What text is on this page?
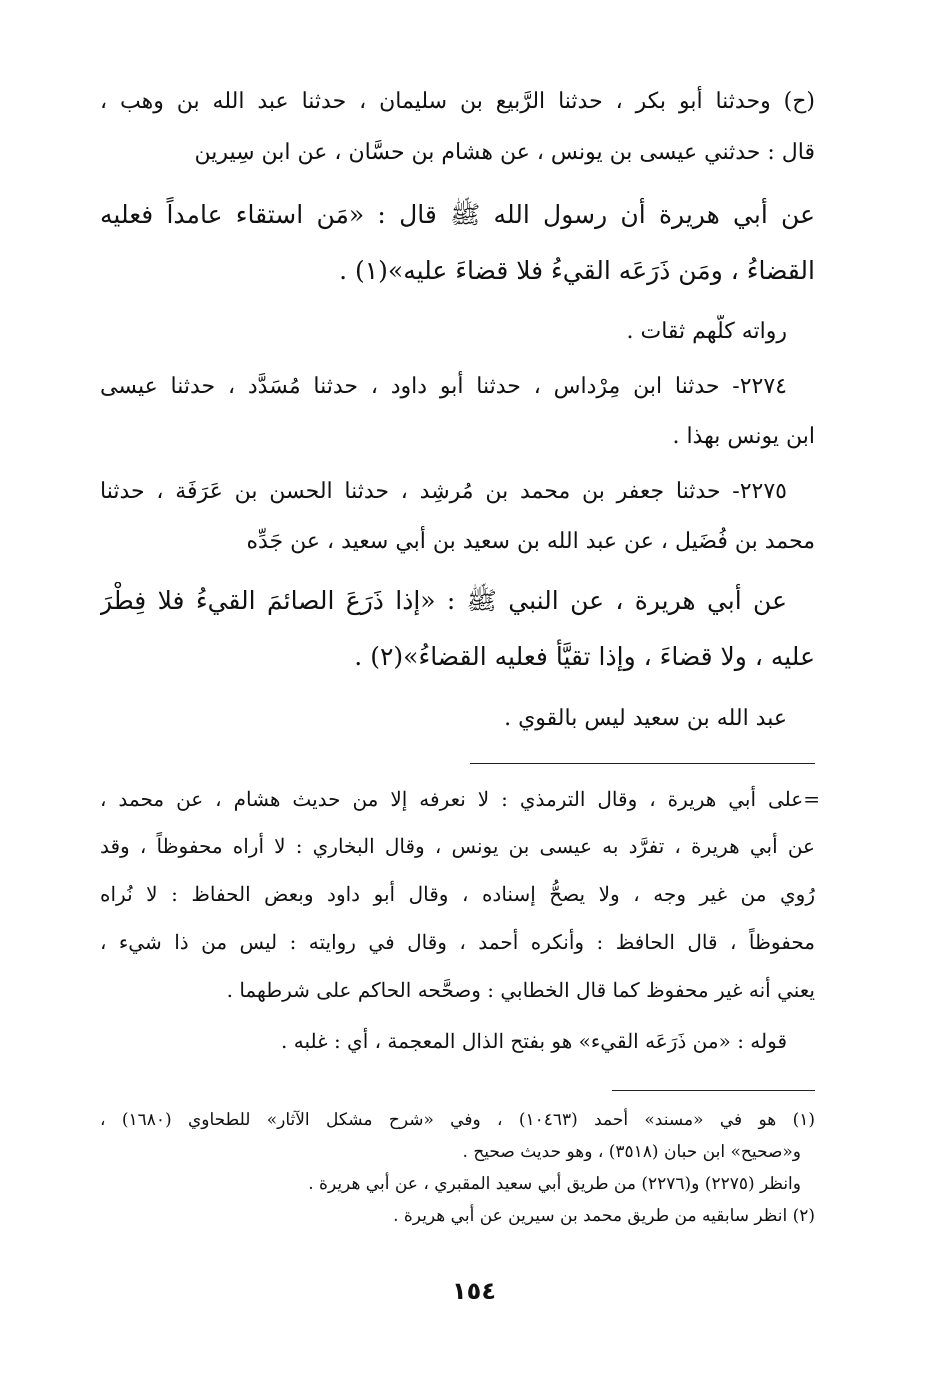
(ح) وحدثنا أبو بكر ، حدثنا الرَّبيع بن سليمان ، حدثنا عبد الله بن وهب ،
قال : حدثني عيسى بن يونس ، عن هشام بن حسَّان ، عن ابن سِيرين
عن أبي هريرة أن رسول الله ﷺ قال : «مَن استقاء عامداً فعليه
القضاءُ ، ومَن ذَرَعَه القيءُ فلا قضاءَ عليه»(١) .
رواته كلُّهم ثقات .
٢٢٧٤- حدثنا ابن مِرْداس ، حدثنا أبو داود ، حدثنا مُسَدَّد ، حدثنا عيسى
ابن يونس بهذا .
٢٢٧٥- حدثنا جعفر بن محمد بن مُرشِد ، حدثنا الحسن بن عَرَفَة ، حدثنا
محمد بن فُضَيل ، عن عبد الله بن سعيد بن أبي سعيد ، عن جَدِّه
عن أبي هريرة ، عن النبي ﷺ : «إذا ذَرَعَ الصائمَ القيءُ فلا فِطْرَ
عليه ، ولا قضاءَ ، وإذا تقيَّأ فعليه القضاءُ»(٢) .
عبد الله بن سعيد ليس بالقوي .
=على أبي هريرة ، وقال الترمذي : لا نعرفه إلا من حديث هشام ، عن محمد ،
عن أبي هريرة ، تفرَّد به عيسى بن يونس ، وقال البخاري : لا أراه محفوظاً ، وقد
رُوي من غير وجه ، ولا يصحُّ إسناده ، وقال أبو داود وبعض الحفاظ : لا نُراه
محفوظاً ، قال الحافظ : وأنكره أحمد ، وقال في روايته : ليس من ذا شيء ،
يعني أنه غير محفوظ كما قال الخطابي : وصحَّحه الحاكم على شرطهما .
قوله : «من ذَرَعَه القيء» هو بفتح الذال المعجمة ، أي : غلبه .
(١) هو في «مسند» أحمد (١٠٤٦٣) ، وفي «شرح مشكل الآثار» للطحاوي (١٦٨٠) ،
و«صحيح» ابن حبان (٣٥١٨) ، وهو حديث صحيح .
وانظر (٢٢٧٥) و(٢٢٧٦) من طريق أبي سعيد المقبري ، عن أبي هريرة .
(٢) انظر سابقيه من طريق محمد بن سيرين عن أبي هريرة .
١٥٤
